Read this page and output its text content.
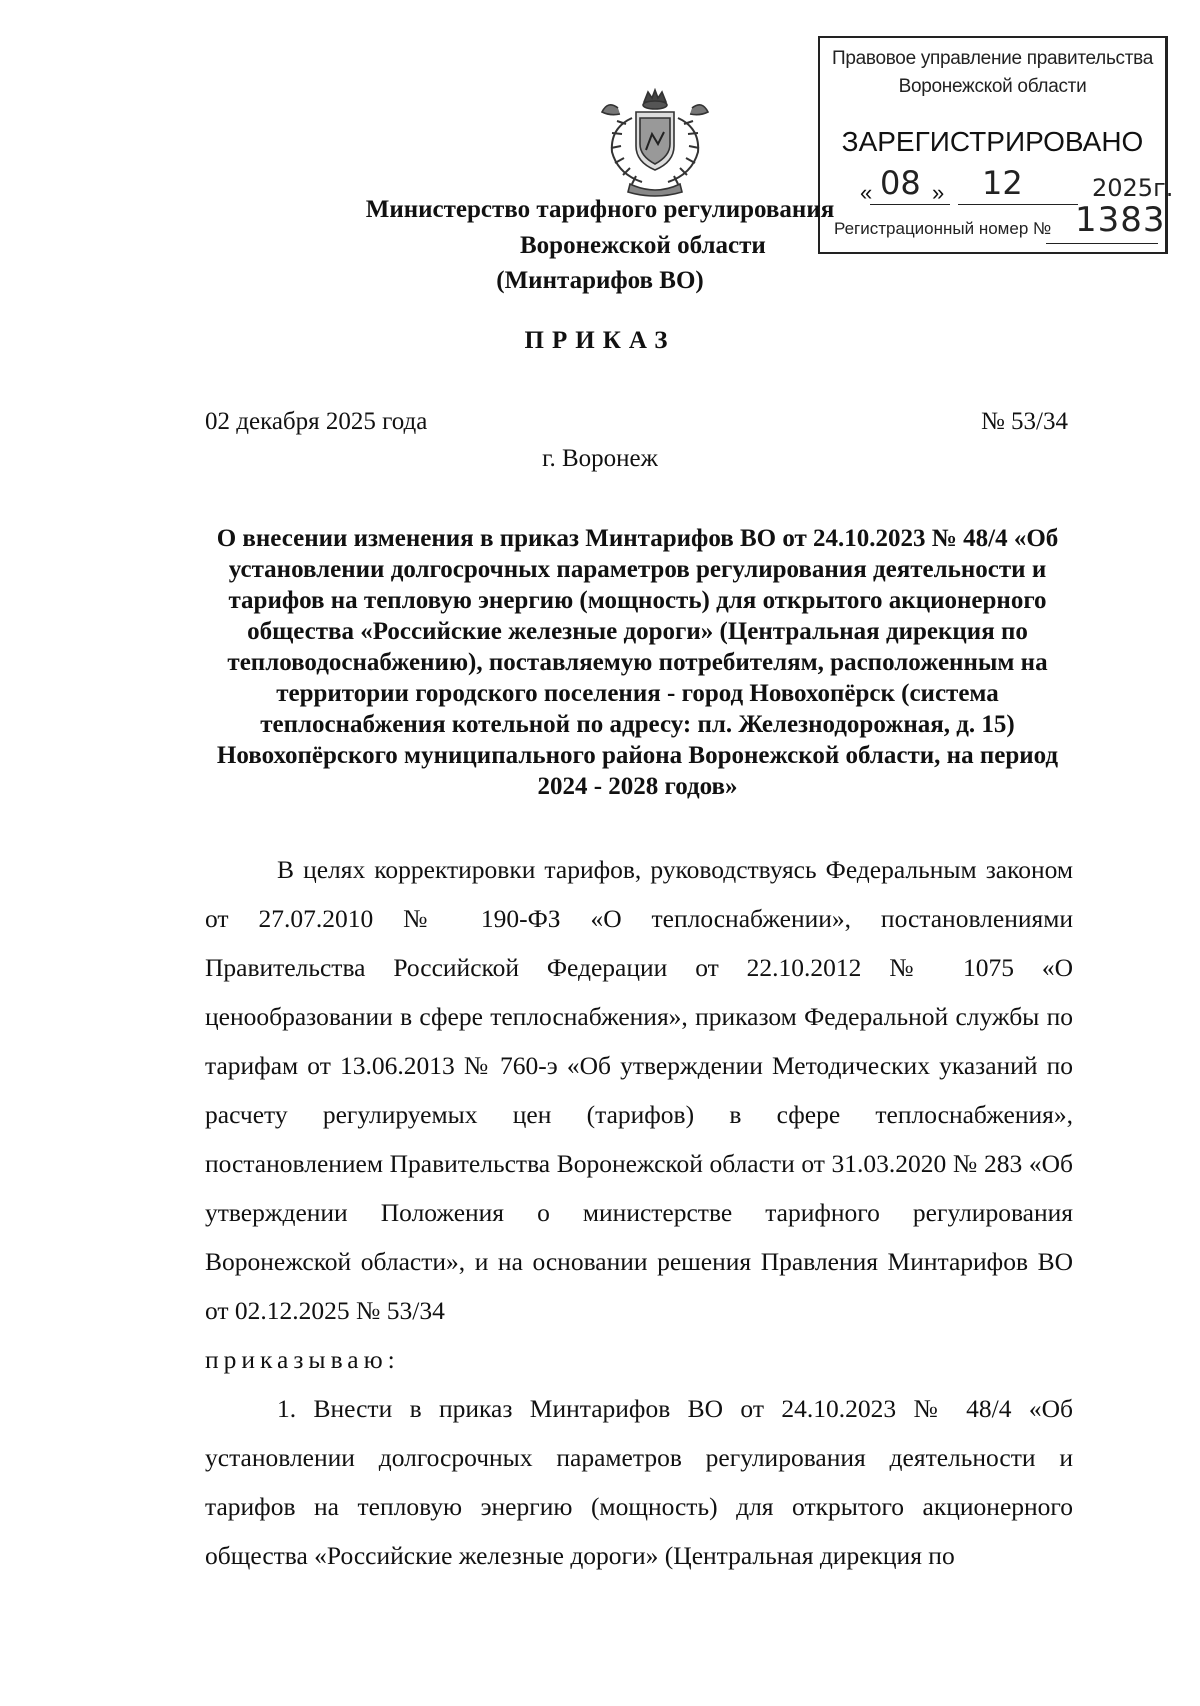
Правовое управление правительства
Воронежской области
ЗАРЕГИСТРИРОВАНО
« 08 » 12	2025г.
Регистрационный номер № 1383
Министерство тарифного регулирования
Воронежской области
(Минтарифов ВО)
ПРИКАЗ
02 декабря 2025 года	№ 53/34
г. Воронеж
О внесении изменения в приказ Минтарифов ВО от 24.10.2023 № 48/4 «Об установлении долгосрочных параметров регулирования деятельности и тарифов на тепловую энергию (мощность) для открытого акционерного общества «Российские железные дороги» (Центральная дирекция по тепловодоснабжению), поставляемую потребителям, расположенным на территории городского поселения - город Новохопёрск (система теплоснабжения котельной по адресу: пл. Железнодорожная, д. 15) Новохопёрского муниципального района Воронежской области, на период 2024 - 2028 годов»

В целях корректировки тарифов, руководствуясь Федеральным законом от 27.07.2010 № 190-ФЗ «О теплоснабжении», постановлениями Правительства Российской Федерации от 22.10.2012 № 1075 «О ценообразовании в сфере теплоснабжения», приказом Федеральной службы по тарифам от 13.06.2013 № 760-э «Об утверждении Методических указаний по расчету регулируемых цен (тарифов) в сфере теплоснабжения», постановлением Правительства Воронежской области от 31.03.2020 № 283 «Об утверждении Положения о министерстве тарифного регулирования Воронежской области», и на основании решения Правления Минтарифов ВО от 02.12.2025 № 53/34

приказываю:

1. Внести в приказ Минтарифов ВО от 24.10.2023 № 48/4 «Об установлении долгосрочных параметров регулирования деятельности и тарифов на тепловую энергию (мощность) для открытого акционерного общества «Российские железные дороги» (Центральная дирекция по
